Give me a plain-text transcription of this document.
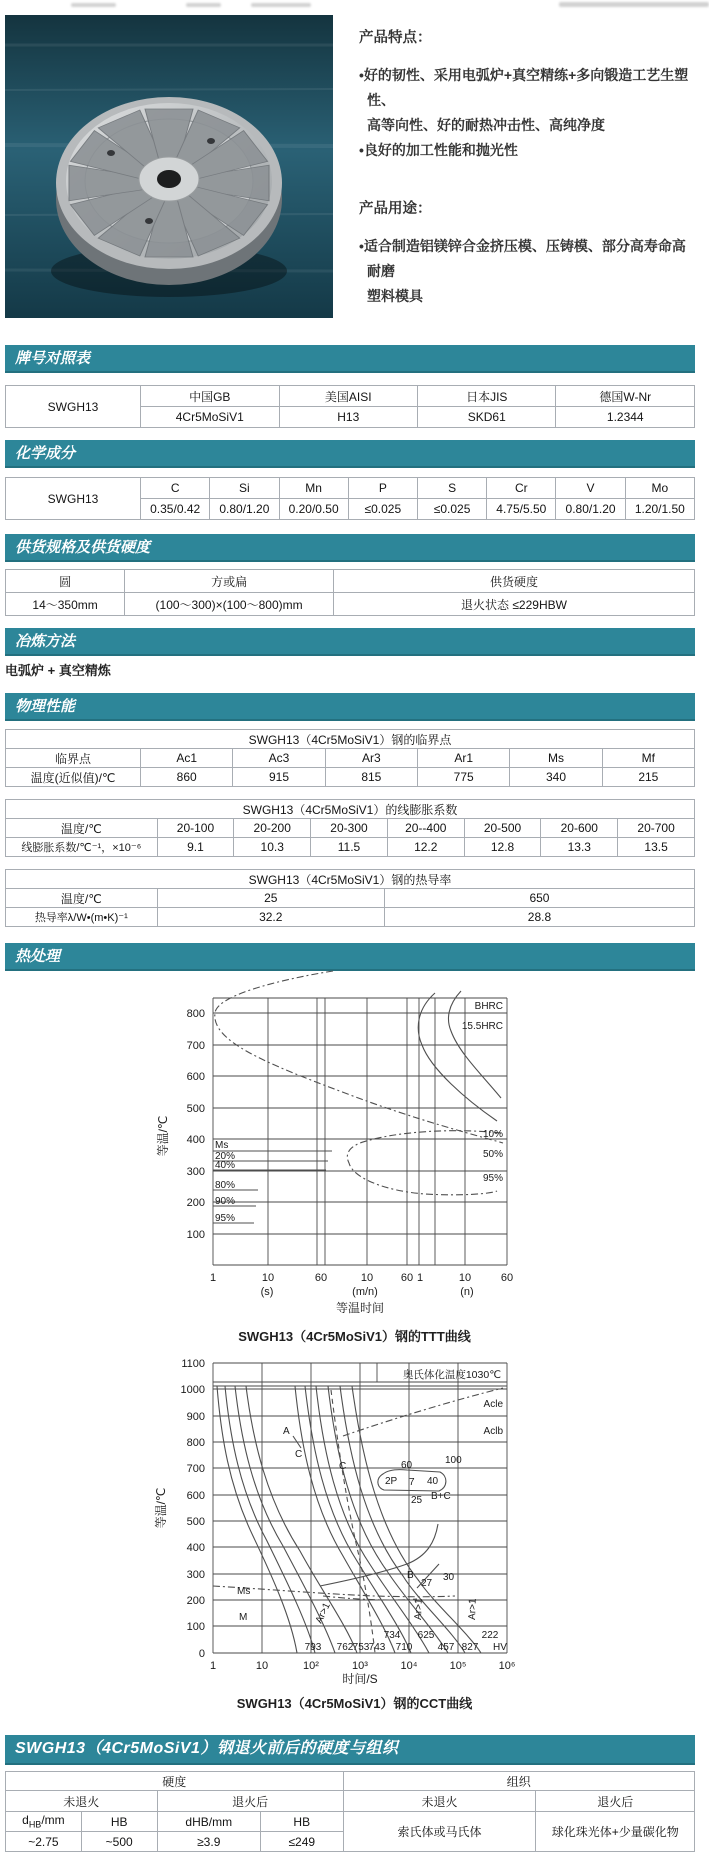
产品特点：

•好的韧性、采用电弧炉+真空精练+多向锻造工艺生塑性、

高等向性、好的耐热冲击性、高纯净度

•良好的加工性能和抛光性

产品用途：

•适合制造铝镁锌合金挤压模、压铸模、部分高寿命高耐磨

塑料模具

牌号对照表
SWGH13	中国GB	美国AISI	日本JIS	德国W-Nr
	4Cr5MoSiV1	H13	SKD61	1.2344
化学成分
SWGH13	C	Si	Mn	P	S	Cr	V	Mo
	0.35/0.42	0.80/1.20	0.20/0.50	≤0.025	≤0.025	4.75/5.50	0.80/1.20	1.20/1.50
供货规格及供货硬度
圆	方或扁	供货硬度
14～350mm	(100～300)×(100～800)mm	退火状态 ≤229HBW
冶炼方法
电弧炉 + 真空精炼
物理性能
SWGH13（4Cr5MoSiV1）钢的临界点						
临界点	Ac1	Ac3	Ar3	Ar1	Ms	Mf
温度(近似值)/℃	860	915	815	775	340	215
SWGH13（4Cr5MoSiV1）的线膨胀系数							
温度/℃	20-100	20-200	20-300	20--400	20-500	20-600	20-700
线膨胀系数/℃⁻¹，×10⁻⁶	9.1	10.3	11.5	12.2	12.8	13.3	13.5
SWGH13（4Cr5MoSiV1）钢的热导率		
温度/℃	25	650
热导率λ/W•(m•K)⁻¹	32.2	28.8
热处理
800
700
600
500
400
300
200
100
1	10	60	10	60 1	10	60
(s)	(m/n)	(n)
等温时间
等温/℃	Ms
20%
40%
80%
90%
95%
BHRC
15.5HRC
10%
50%
95%
SWGH13（4Cr5MoSiV1）钢的TTT曲线
1100
1000
900
800
700
600
500
400
300
200
100
0
1	10	10²	10³	10⁴	10⁵	10⁶
时间/S
等温/℃
奥氏体化温度1030℃
Acle
Aclb
A
C
C	60	100
2P 7 40
25 B+C
27
B	30
Ms
M	Ar>1	Ar>1	Ar>1
734 625	222
793 762 753 743 710	457 827 HV
SWGH13（4Cr5MoSiV1）钢的CCT曲线
SWGH13（4Cr5MoSiV1）钢退火前后的硬度与组织
硬度				组织	
未退火		退火后		未退火	退火后
$d_{HB}/mm$	HB	dHB/mm	HB	索氏体或马氏体	球化珠光体+少量碳化物
~2.75	~500	≥3.9	≤249		
